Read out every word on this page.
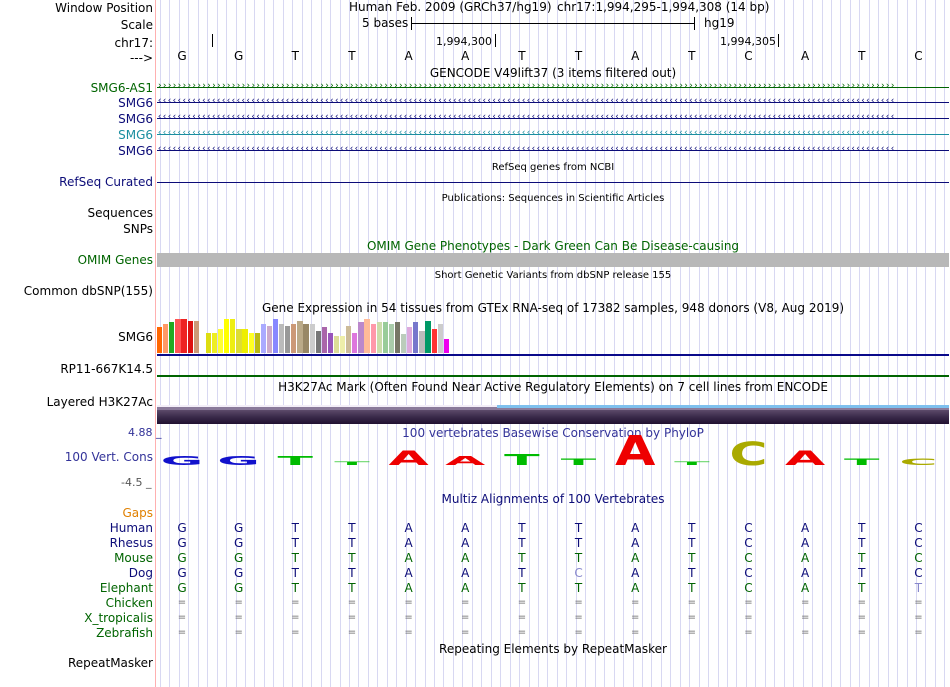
Window Position	Human Feb. 2009 (GRCh37/hg19) chr17:1,994,295-1,994,308 (14 bp)
Scale	5 bases	hg19
chr17:	1,994,300	1,994,305
--->	G	G	T	T	A	A	T	T	A	T	C	A	T	C
GENCODE V49lift37 (3 items filtered out)
SMG6-AS1 ››››››››››››››››››››››››››››››››››››››››››››››››››››››››››››››››››››››››››››››››››››››››››››››››››››››››››››››››››››››››››››››››››››››››››››››››››››››
SMG6 ‹‹‹‹‹‹‹‹‹‹‹‹‹‹‹‹‹‹‹‹‹‹‹‹‹‹‹‹‹‹‹‹‹‹‹‹‹‹‹‹‹‹‹‹‹‹‹‹‹‹‹‹‹‹‹‹‹‹‹‹‹‹‹‹‹‹‹‹‹‹‹‹‹‹‹‹‹‹‹‹‹‹‹‹‹‹‹‹‹‹‹‹‹‹‹‹‹‹‹‹‹‹‹‹‹‹‹‹‹‹‹‹‹‹‹‹‹‹‹‹‹‹‹‹‹‹‹‹‹‹‹‹‹‹‹‹‹‹‹‹‹‹‹‹‹‹‹‹‹‹
SMG6 ‹‹‹‹‹‹‹‹‹‹‹‹‹‹‹‹‹‹‹‹‹‹‹‹‹‹‹‹‹‹‹‹‹‹‹‹‹‹‹‹‹‹‹‹‹‹‹‹‹‹‹‹‹‹‹‹‹‹‹‹‹‹‹‹‹‹‹‹‹‹‹‹‹‹‹‹‹‹‹‹‹‹‹‹‹‹‹‹‹‹‹‹‹‹‹‹‹‹‹‹‹‹‹‹‹‹‹‹‹‹‹‹‹‹‹‹‹‹‹‹‹‹‹‹‹‹‹‹‹‹‹‹‹‹‹‹‹‹‹‹‹‹‹‹‹‹‹‹‹‹
SMG6 ‹‹‹‹‹‹‹‹‹‹‹‹‹‹‹‹‹‹‹‹‹‹‹‹‹‹‹‹‹‹‹‹‹‹‹‹‹‹‹‹‹‹‹‹‹‹‹‹‹‹‹‹‹‹‹‹‹‹‹‹‹‹‹‹‹‹‹‹‹‹‹‹‹‹‹‹‹‹‹‹‹‹‹‹‹‹‹‹‹‹‹‹‹‹‹‹‹‹‹‹‹‹‹‹‹‹‹‹‹‹‹‹‹‹‹‹‹‹‹‹‹‹‹‹‹‹‹‹‹‹‹‹‹‹‹‹‹‹‹‹‹‹‹‹‹‹‹‹‹‹
SMG6 ‹‹‹‹‹‹‹‹‹‹‹‹‹‹‹‹‹‹‹‹‹‹‹‹‹‹‹‹‹‹‹‹‹‹‹‹‹‹‹‹‹‹‹‹‹‹‹‹‹‹‹‹‹‹‹‹‹‹‹‹‹‹‹‹‹‹‹‹‹‹‹‹‹‹‹‹‹‹‹‹‹‹‹‹‹‹‹‹‹‹‹‹‹‹‹‹‹‹‹‹‹‹‹‹‹‹‹‹‹‹‹‹‹‹‹‹‹‹‹‹‹‹‹‹‹‹‹‹‹‹‹‹‹‹‹‹‹‹‹‹‹‹‹‹‹‹‹‹‹‹
RefSeq genes from NCBI
RefSeq Curated
Publications: Sequences in Scientific Articles
Sequences
SNPs
OMIM Gene Phenotypes - Dark Green Can Be Disease-causing
OMIM Genes
Short Genetic Variants from dbSNP release 155
Common dbSNP(155)
Gene Expression in 54 tissues from GTEx RNA-seq of 17382 samples, 948 donors (V8, Aug 2019)
SMG6
RP11-667K14.5
H3K27Ac Mark (Often Found Near Active Regulatory Elements) on 7 cell lines from ENCODE
Layered H3K27Ac
4.88 _	100 vertebrates Basewise Conservation by PhyloP
100 Vert. Cons
-4.5 _
G G T T A A T T A T C A T C
Multiz Alignments of 100 Vertebrates
Gaps
Human	G	G	T	T	A	A	T	T	A	T	C	A	T	C
Rhesus	G	G	T	T	A	A	T	T	A	T	C	A	T	C
Mouse	G	G	T	T	A	A	T	T	A	T	C	A	T	C
Dog	G	G	T	T	A	A	T	C	A	T	C	A	T	C
Elephant	G	G	T	T	A	A	T	T	A	T	C	A	T	T
Chicken	=	=	=	=	=	=	=	=	=	=	=	=	=	=
X_tropicalis	=	=	=	=	=	=	=	=	=	=	=	=	=	=
Zebrafish	=	=	=	=	=	=	=	=	=	=	=	=	=	=
Repeating Elements by RepeatMasker
RepeatMasker
